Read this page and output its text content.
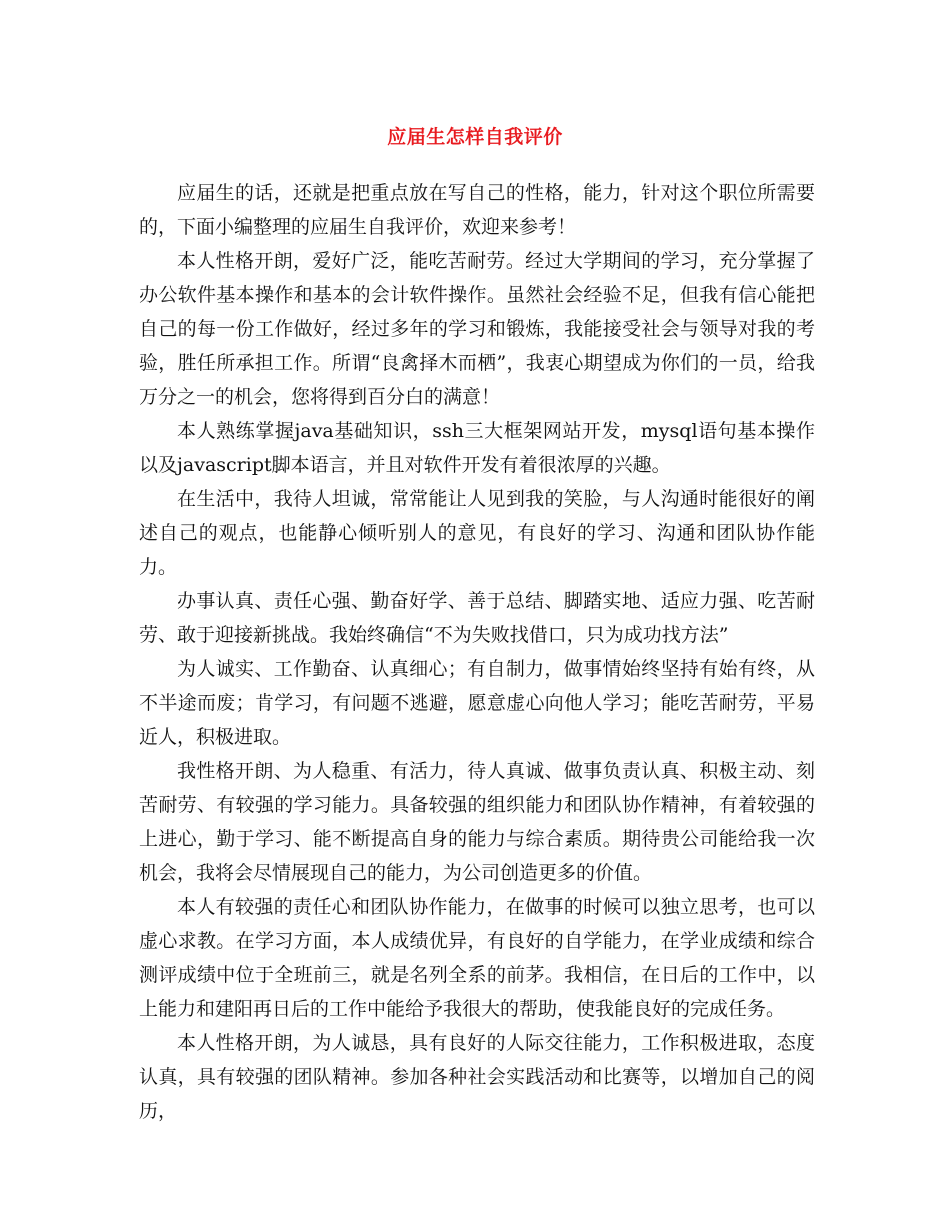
应届生怎样自我评价

应届生的话，还就是把重点放在写自己的性格，能力，针对这个职位所需要的，下面小编整理的应届生自我评价，欢迎来参考！

本人性格开朗，爱好广泛，能吃苦耐劳。经过大学期间的学习，充分掌握了办公软件基本操作和基本的会计软件操作。虽然社会经验不足，但我有信心能把自己的每一份工作做好，经过多年的学习和锻炼，我能接受社会与领导对我的考验，胜任所承担工作。所谓“良禽择木而栖”，我衷心期望成为你们的一员，给我万分之一的机会，您将得到百分白的满意！

本人熟练掌握java基础知识，ssh三大框架网站开发，mysql语句基本操作以及javascript脚本语言，并且对软件开发有着很浓厚的兴趣。

在生活中，我待人坦诚，常常能让人见到我的笑脸，与人沟通时能很好的阐述自己的观点，也能静心倾听别人的意见，有良好的学习、沟通和团队协作能力。

办事认真、责任心强、勤奋好学、善于总结、脚踏实地、适应力强、吃苦耐劳、敢于迎接新挑战。我始终确信“不为失败找借口，只为成功找方法”

为人诚实、工作勤奋、认真细心；有自制力，做事情始终坚持有始有终，从不半途而废；肯学习，有问题不逃避，愿意虚心向他人学习；能吃苦耐劳，平易近人，积极进取。

我性格开朗、为人稳重、有活力，待人真诚、做事负责认真、积极主动、刻苦耐劳、有较强的学习能力。具备较强的组织能力和团队协作精神，有着较强的上进心，勤于学习、能不断提高自身的能力与综合素质。期待贵公司能给我一次机会，我将会尽情展现自己的能力，为公司创造更多的价值。

本人有较强的责任心和团队协作能力，在做事的时候可以独立思考，也可以虚心求教。在学习方面，本人成绩优异，有良好的自学能力，在学业成绩和综合测评成绩中位于全班前三，就是名列全系的前茅。我相信，在日后的工作中，以上能力和建阳再日后的工作中能给予我很大的帮助，使我能良好的完成任务。

本人性格开朗，为人诚恳，具有良好的人际交往能力，工作积极进取，态度认真，具有较强的团队精神。参加各种社会实践活动和比赛等，以增加自己的阅历，
